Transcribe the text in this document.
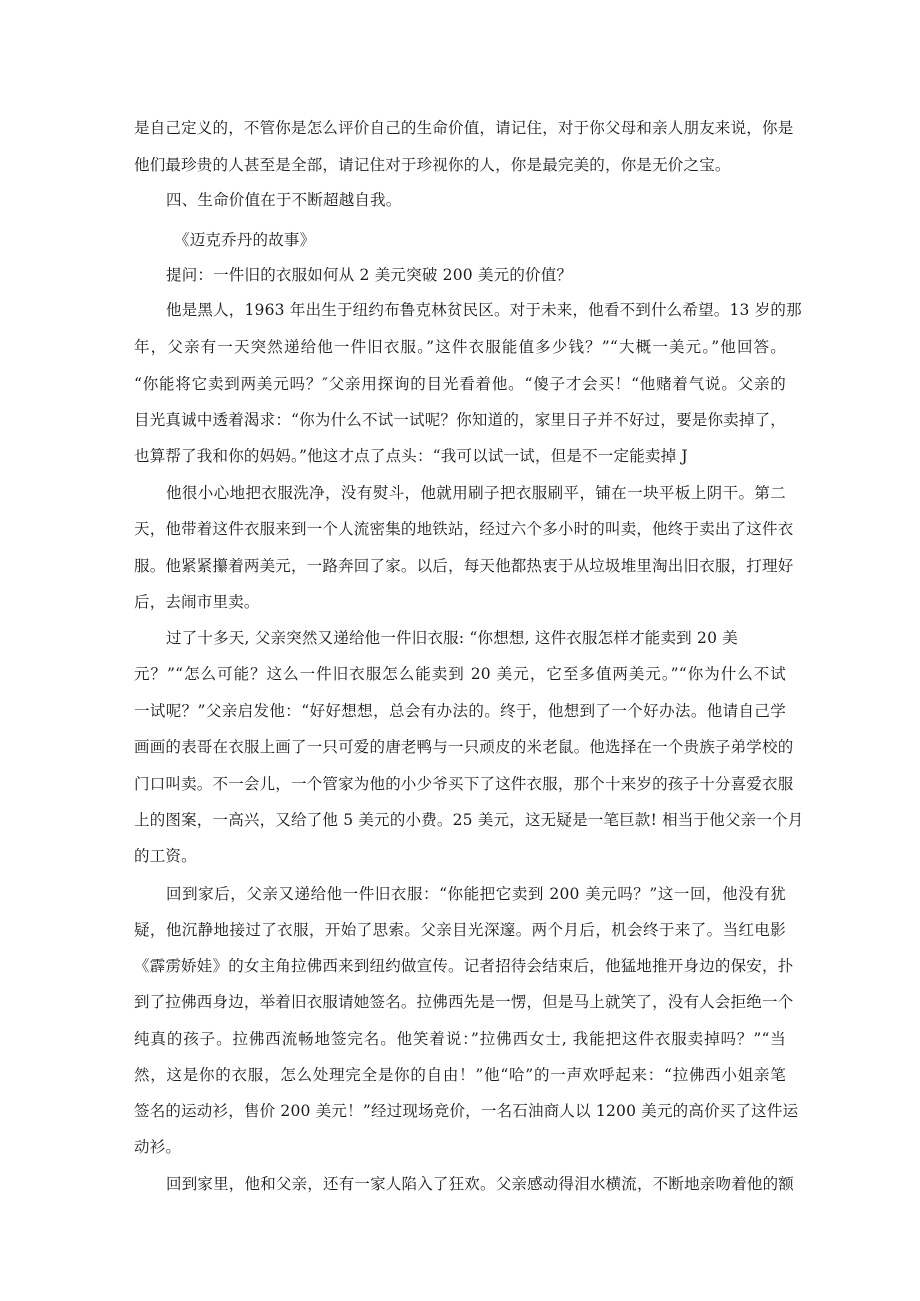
是自己定义的，不管你是怎么评价自己的生命价值，请记住，对于你父母和亲人朋友来说，你是
他们最珍贵的人甚至是全部，请记住对于珍视你的人，你是最完美的，你是无价之宝。
四、生命价值在于不断超越自我。
《迈克乔丹的故事》
提问：一件旧的衣服如何从 2 美元突破 200 美元的价值？
他是黑人，1963 年出生于纽约布鲁克林贫民区。对于未来，他看不到什么希望。13 岁的那
年，父亲有一天突然递给他一件旧衣服。”这件衣服能值多少钱？”“大概一美元。”他回答。
“你能将它卖到两美元吗？″父亲用探询的目光看着他。“傻子才会买！“他赌着气说。父亲的
目光真诚中透着渴求：“你为什么不试一试呢？你知道的，家里日子并不好过，要是你卖掉了，
也算帮了我和你的妈妈。”他这才点了点头：“我可以试一试，但是不一定能卖掉 J
他很小心地把衣服洗净，没有熨斗，他就用刷子把衣服刷平，铺在一块平板上阴干。第二
天，他带着这件衣服来到一个人流密集的地铁站，经过六个多小时的叫卖，他终于卖出了这件衣
服。他紧紧攥着两美元，一路奔回了家。以后，每天他都热衷于从垃圾堆里淘出旧衣服，打理好
后，去闹市里卖。
过了十多天, 父亲突然又递给他一件旧衣服: “你想想, 这件衣服怎样才能卖到 20 美
元？”“怎么可能？这么一件旧衣服怎么能卖到 20 美元，它至多值两美元。”“你为什么不试
一试呢？”父亲启发他：“好好想想，总会有办法的。终于，他想到了一个好办法。他请自己学
画画的表哥在衣服上画了一只可爱的唐老鸭与一只顽皮的米老鼠。他选择在一个贵族子弟学校的
门口叫卖。不一会儿，一个管家为他的小少爷买下了这件衣服，那个十来岁的孩子十分喜爱衣服
上的图案，一高兴，又给了他 5 美元的小费。25 美元，这无疑是一笔巨款! 相当于他父亲一个月
的工资。
回到家后，父亲又递给他一件旧衣服：“你能把它卖到 200 美元吗？”这一回，他没有犹
疑，他沉静地接过了衣服，开始了思索。父亲目光深邃。两个月后，机会终于来了。当红电影
《霹雳娇娃》的女主角拉佛西来到纽约做宣传。记者招待会结束后，他猛地推开身边的保安，扑
到了拉佛西身边，举着旧衣服请她签名。拉佛西先是一愣，但是马上就笑了，没有人会拒绝一个
纯真的孩子。拉佛西流畅地签完名。他笑着说：”拉佛西女士, 我能把这件衣服卖掉吗？”“当
然，这是你的衣服，怎么处理完全是你的自由！”他“哈”的一声欢呼起来：“拉佛西小姐亲笔
签名的运动衫，售价 200 美元！”经过现场竞价，一名石油商人以 1200 美元的高价买了这件运
动衫。
回到家里，他和父亲，还有一家人陷入了狂欢。父亲感动得泪水横流，不断地亲吻着他的额
